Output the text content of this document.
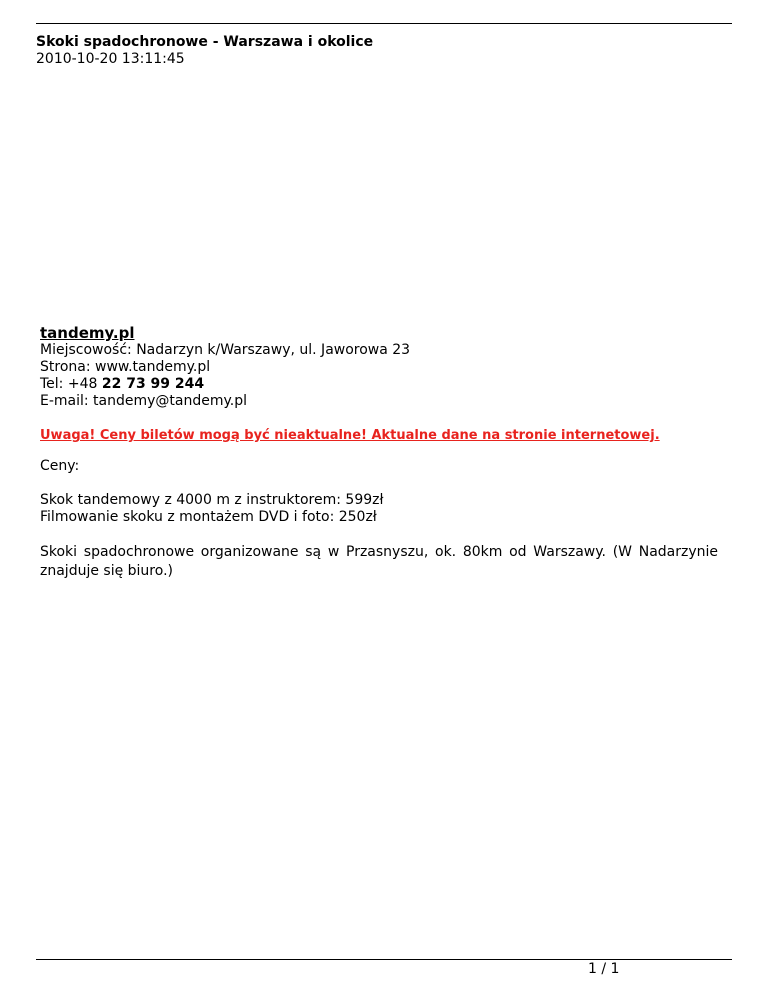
Skoki spadochronowe - Warszawa i okolice
2010-10-20 13:11:45
tandemy.pl
Miejscowość: Nadarzyn k/Warszawy, ul. Jaworowa 23
Strona: www.tandemy.pl
Tel: +48 22 73 99 244
E-mail: tandemy@tandemy.pl
Uwaga! Ceny biletów mogą być nieaktualne! Aktualne dane na stronie internetowej.
Ceny:
Skok tandemowy z 4000 m z instruktorem: 599zł
Filmowanie skoku z montażem DVD i foto: 250zł
Skoki spadochronowe organizowane są w Przasnyszu, ok. 80km od Warszawy. (W Nadarzynie znajduje się biuro.)
1 / 1
